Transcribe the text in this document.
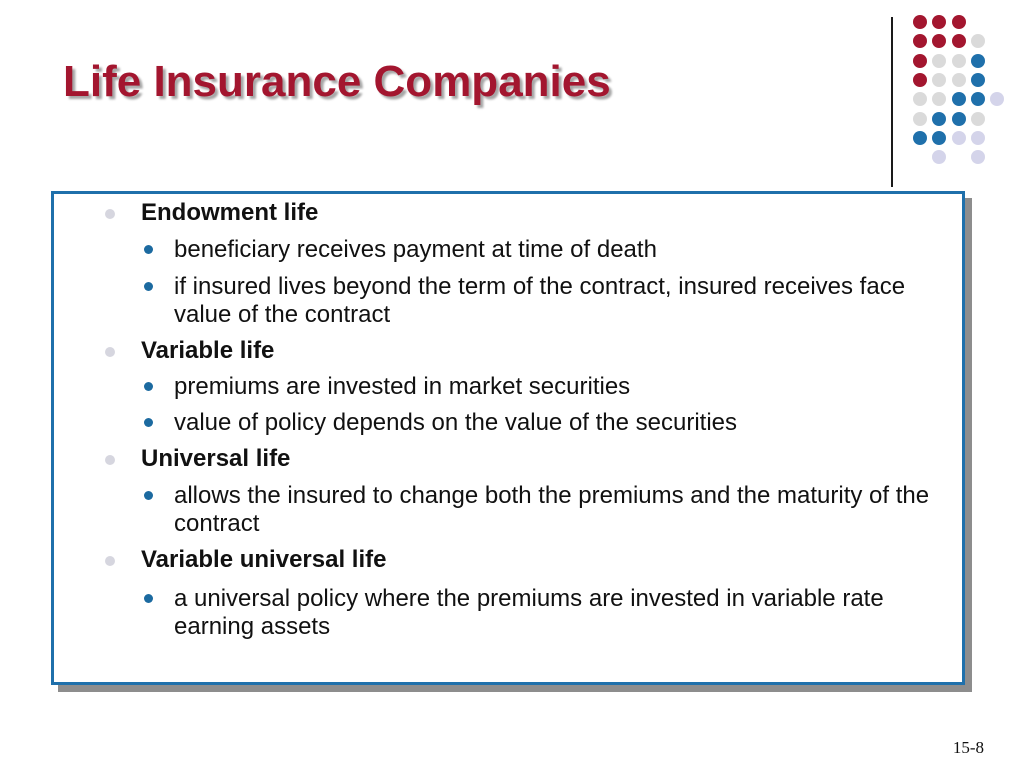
Life Insurance Companies
Endowment life
beneficiary receives payment at time of death
if insured lives beyond the term of the contract, insured receives face value of the contract
Variable life
premiums are invested in market securities
value of policy depends on the value of the securities
Universal life
allows the insured to change both the premiums and the maturity of the contract
Variable universal life
a universal policy where the premiums are invested in variable rate earning assets
15-8
